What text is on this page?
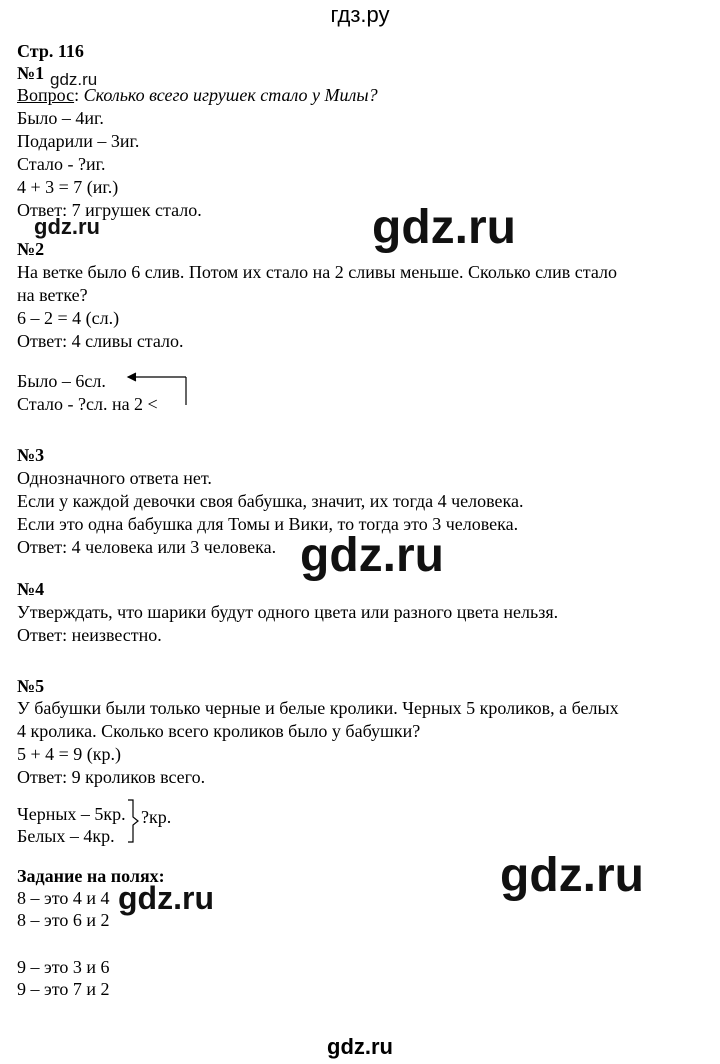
гдз.ру
Стр. 116
№1 gdz.ru
Вопрос: Сколько всего игрушек стало у Милы?
Было – 4иг.
Подарили – 3иг.
Стало - ?иг.
4 + 3 = 7 (иг.)
Ответ: 7 игрушек стало.
gdz.ru	gdz.ru
№2
На ветке было 6 слив. Потом их стало на 2 сливы меньше. Сколько слив стало
на ветке?
6 – 2 = 4 (сл.)
Ответ: 4 сливы стало.
Было – 6сл.
Стало - ?сл. на 2 <
№3
Однозначного ответа нет.
Если у каждой девочки своя бабушка, значит, их тогда 4 человека.
Если это одна бабушка для Томы и Вики, то тогда это 3 человека.
Ответ: 4 человека или 3 человека. gdz.ru
№4
Утверждать, что шарики будут одного цвета или разного цвета нельзя.
Ответ: неизвестно.
№5
У бабушки были только черные и белые кролики. Черных 5 кроликов, а белых
4 кролика. Сколько всего кроликов было у бабушки?
5 + 4 = 9 (кр.)
Ответ: 9 кроликов всего.
Черных – 5кр.
Белых – 4кр.
?кр.
Задание на полях:
8 – это 4 и 4
8 – это 6 и 2
9 – это 3 и 6
9 – это 7 и 2
gdz.ru	gdz.ru
gdz.ru
